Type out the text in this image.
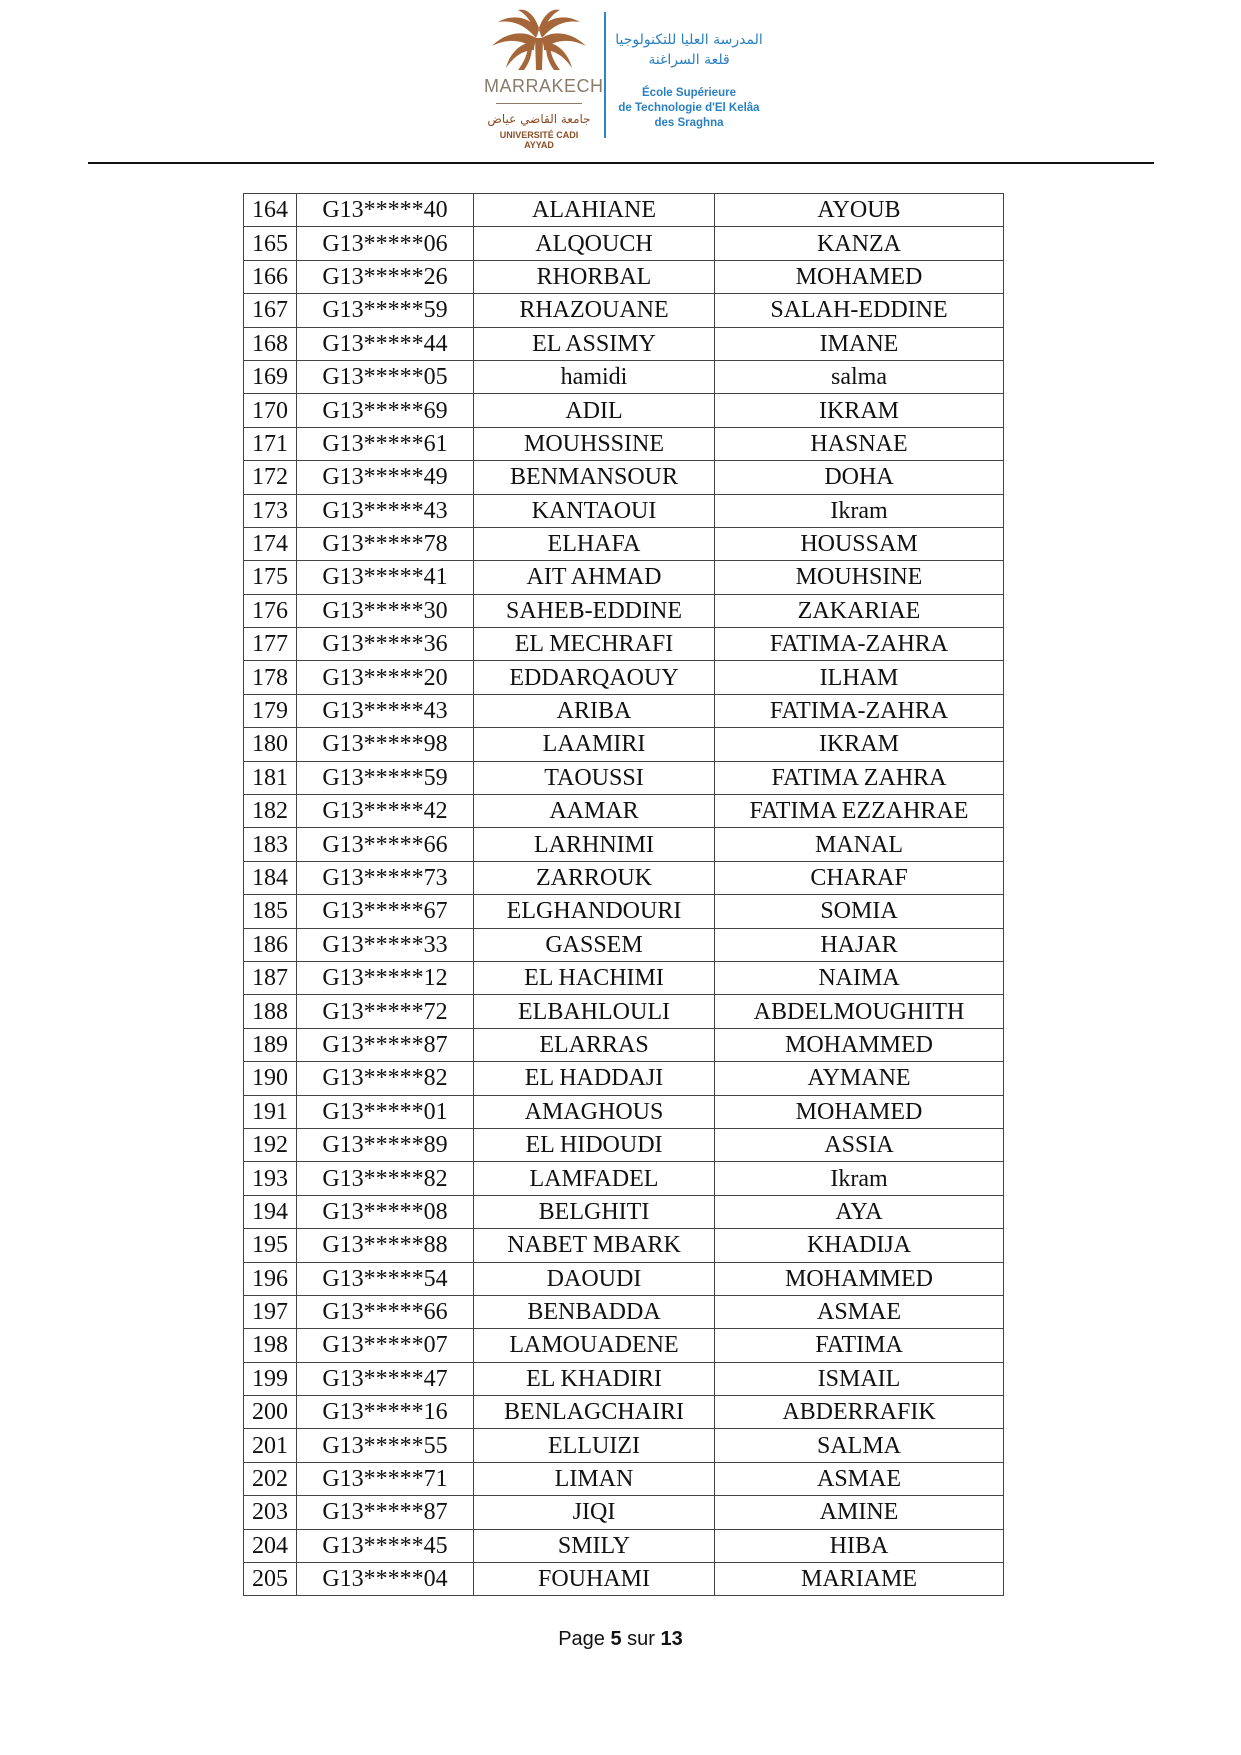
MARRAKECH
جامعة القاضي عياض
UNIVERSITÉ CADI AYYAD
المدرسة العليا للتكنولوجيا
قلعة السراغنة
École Supérieure
de Technologie d'El Kelâa
des Sraghna
164	G13*****40	ALAHIANE	AYOUB
165	G13*****06	ALQOUCH	KANZA
166	G13*****26	RHORBAL	MOHAMED
167	G13*****59	RHAZOUANE	SALAH-EDDINE
168	G13*****44	EL ASSIMY	IMANE
169	G13*****05	hamidi	salma
170	G13*****69	ADIL	IKRAM
171	G13*****61	MOUHSSINE	HASNAE
172	G13*****49	BENMANSOUR	DOHA
173	G13*****43	KANTAOUI	Ikram
174	G13*****78	ELHAFA	HOUSSAM
175	G13*****41	AIT AHMAD	MOUHSINE
176	G13*****30	SAHEB-EDDINE	ZAKARIAE
177	G13*****36	EL MECHRAFI	FATIMA-ZAHRA
178	G13*****20	EDDARQAOUY	ILHAM
179	G13*****43	ARIBA	FATIMA-ZAHRA
180	G13*****98	LAAMIRI	IKRAM
181	G13*****59	TAOUSSI	FATIMA ZAHRA
182	G13*****42	AAMAR	FATIMA EZZAHRAE
183	G13*****66	LARHNIMI	MANAL
184	G13*****73	ZARROUK	CHARAF
185	G13*****67	ELGHANDOURI	SOMIA
186	G13*****33	GASSEM	HAJAR
187	G13*****12	EL HACHIMI	NAIMA
188	G13*****72	ELBAHLOULI	ABDELMOUGHITH
189	G13*****87	ELARRAS	MOHAMMED
190	G13*****82	EL HADDAJI	AYMANE
191	G13*****01	AMAGHOUS	MOHAMED
192	G13*****89	EL HIDOUDI	ASSIA
193	G13*****82	LAMFADEL	Ikram
194	G13*****08	BELGHITI	AYA
195	G13*****88	NABET MBARK	KHADIJA
196	G13*****54	DAOUDI	MOHAMMED
197	G13*****66	BENBADDA	ASMAE
198	G13*****07	LAMOUADENE	FATIMA
199	G13*****47	EL KHADIRI	ISMAIL
200	G13*****16	BENLAGCHAIRI	ABDERRAFIK
201	G13*****55	ELLUIZI	SALMA
202	G13*****71	LIMAN	ASMAE
203	G13*****87	JIQI	AMINE
204	G13*****45	SMILY	HIBA
205	G13*****04	FOUHAMI	MARIAME
Page 5 sur 13
